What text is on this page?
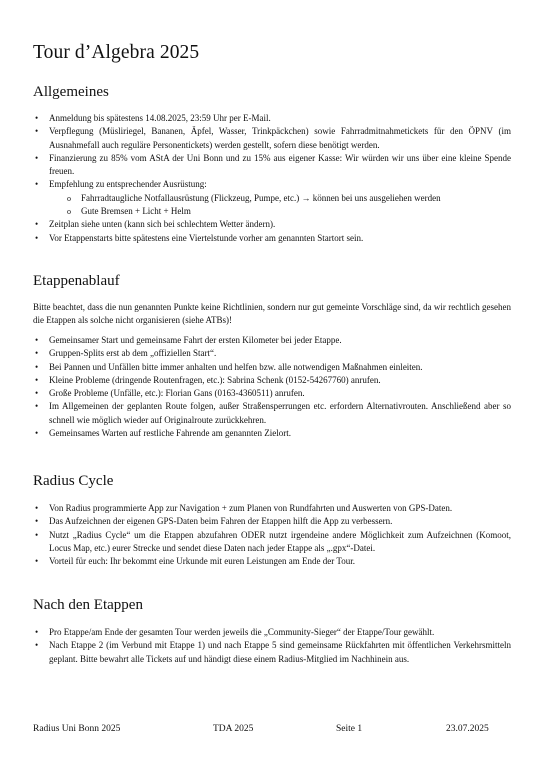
Tour d’Algebra 2025
Allgemeines
• Anmeldung bis spätestens 14.08.2025, 23:59 Uhr per E-Mail.
• Verpflegung (Müsliriegel, Bananen, Äpfel, Wasser, Trinkpäckchen) sowie Fahrradmitnahmetickets für den ÖPNV (im Ausnahmefall auch reguläre Personentickets) werden gestellt, sofern diese benötigt werden.
• Finanzierung zu 85% vom AStA der Uni Bonn und zu 15% aus eigener Kasse: Wir würden wir uns über eine kleine Spende freuen.
• Empfehlung zu entsprechender Ausrüstung:
o Fahrradtaugliche Notfallausrüstung (Flickzeug, Pumpe, etc.) → können bei uns ausgeliehen werden
o Gute Bremsen + Licht + Helm
• Zeitplan siehe unten (kann sich bei schlechtem Wetter ändern).
• Vor Etappenstarts bitte spätestens eine Viertelstunde vorher am genannten Startort sein.
Etappenablauf

Bitte beachtet, dass die nun genannten Punkte keine Richtlinien, sondern nur gut gemeinte Vorschläge sind, da wir rechtlich gesehen die Etappen als solche nicht organisieren (siehe ATBs)!

• Gemeinsamer Start und gemeinsame Fahrt der ersten Kilometer bei jeder Etappe.
• Gruppen-Splits erst ab dem „offiziellen Start“.
• Bei Pannen und Unfällen bitte immer anhalten und helfen bzw. alle notwendigen Maßnahmen einleiten.
• Kleine Probleme (dringende Routenfragen, etc.): Sabrina Schenk (0152-54267760) anrufen.
• Große Probleme (Unfälle, etc.): Florian Gans (0163-4360511) anrufen.
• Im Allgemeinen der geplanten Route folgen, außer Straßensperrungen etc. erfordern Alternativrouten. Anschließend aber so schnell wie möglich wieder auf Originalroute zurückkehren.
• Gemeinsames Warten auf restliche Fahrende am genannten Zielort.
Radius Cycle
• Von Radius programmierte App zur Navigation + zum Planen von Rundfahrten und Auswerten von GPS-Daten.
• Das Aufzeichnen der eigenen GPS-Daten beim Fahren der Etappen hilft die App zu verbessern.
• Nutzt „Radius Cycle“ um die Etappen abzufahren ODER nutzt irgendeine andere Möglichkeit zum Aufzeichnen (Komoot, Locus Map, etc.) eurer Strecke und sendet diese Daten nach jeder Etappe als „.gpx“-Datei.
• Vorteil für euch: Ihr bekommt eine Urkunde mit euren Leistungen am Ende der Tour.
Nach den Etappen
• Pro Etappe/am Ende der gesamten Tour werden jeweils die „Community-Sieger“ der Etappe/Tour gewählt.
• Nach Etappe 2 (im Verbund mit Etappe 1) und nach Etappe 5 sind gemeinsame Rückfahrten mit öffentlichen Verkehrsmitteln geplant. Bitte bewahrt alle Tickets auf und händigt diese einem Radius-Mitglied im Nachhinein aus.
Radius Uni Bonn 2025	TDA 2025	Seite 1	23.07.2025
